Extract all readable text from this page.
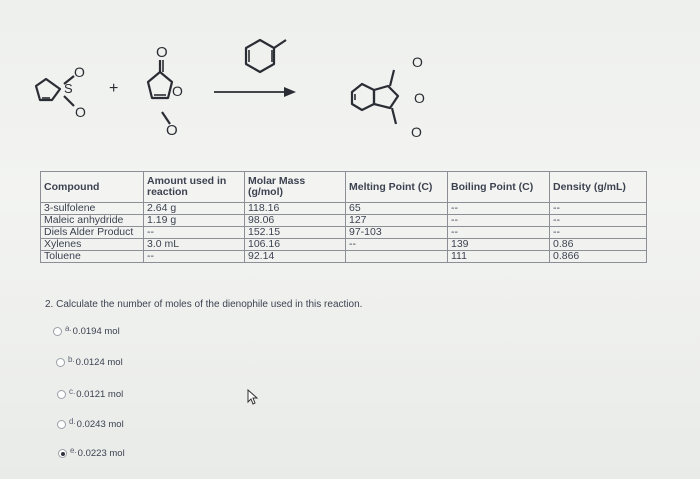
S
O
O
+
O
O
O
O
O
O
Compound	Amount used in reaction	Molar Mass (g/mol)	Melting Point (C)	Boiling Point (C)	Density (g/mL)
3-sulfolene	2.64 g	118.16	65	--	--
Maleic anhydride	1.19 g	98.06	127	--	--
Diels Alder Product	--	152.15	97-103	--	--
Xylenes	3.0 mL	106.16	--	139	0.86
Toluene	--	92.14		111	0.866
2. Calculate the number of moles of the dienophile used in this reaction.
a. 0.0194 mol
b. 0.0124 mol
c. 0.0121 mol
d. 0.0243 mol
e. 0.0223 mol
